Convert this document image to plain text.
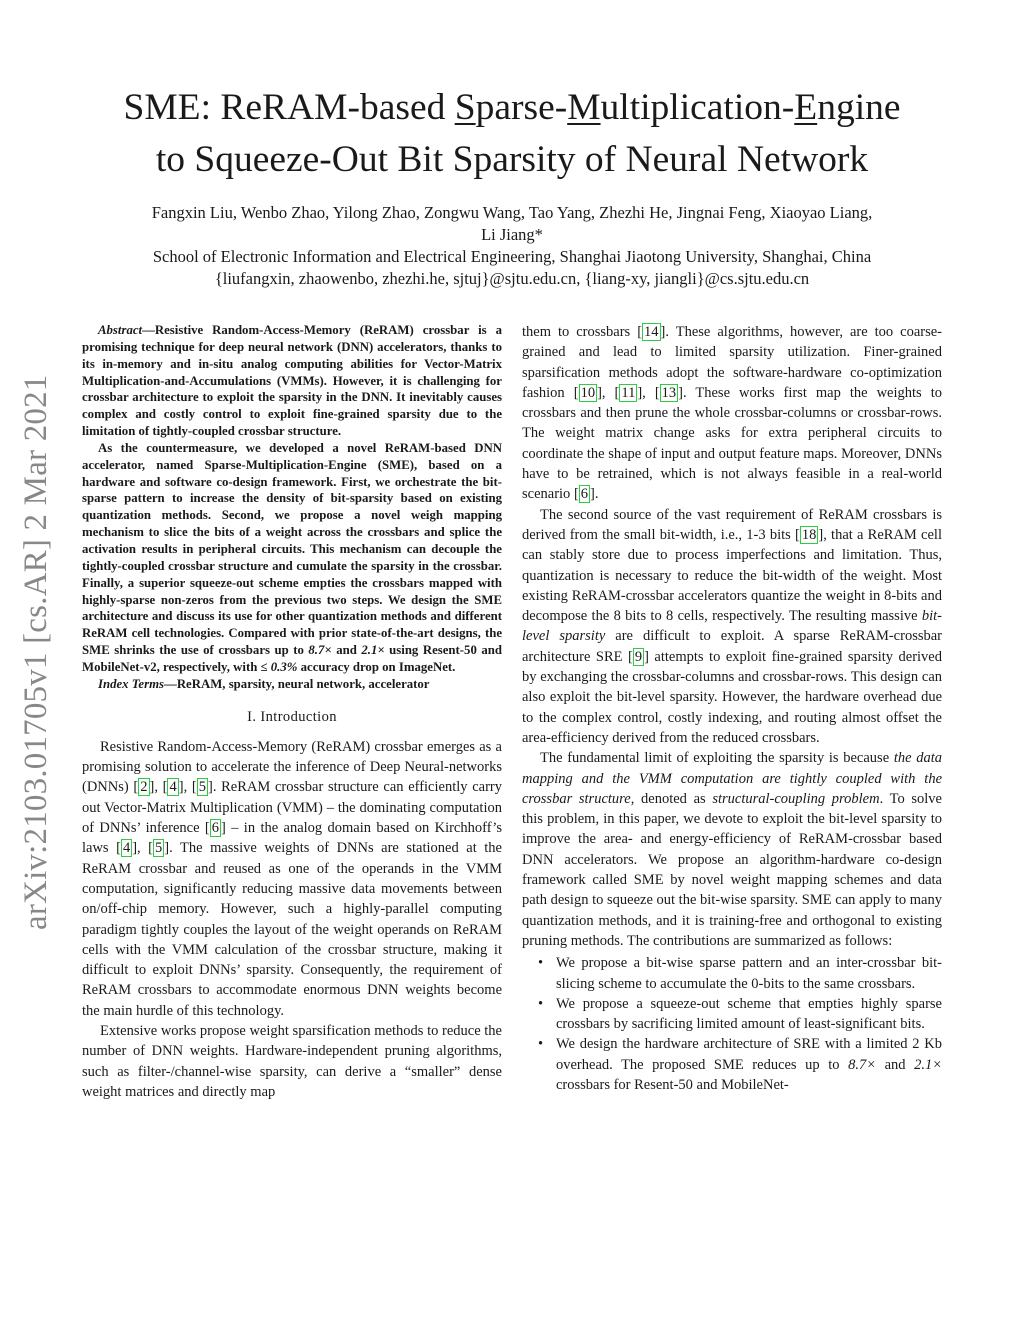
arXiv:2103.01705v1 [cs.AR] 2 Mar 2021
SME: ReRAM-based Sparse-Multiplication-Engine
to Squeeze-Out Bit Sparsity of Neural Network
Fangxin Liu, Wenbo Zhao, Yilong Zhao, Zongwu Wang, Tao Yang, Zhezhi He, Jingnai Feng, Xiaoyao Liang,
Li Jiang*
School of Electronic Information and Electrical Engineering, Shanghai Jiaotong University, Shanghai, China
{liufangxin, zhaowenbo, zhezhi.he, sjtuj}@sjtu.edu.cn, {liang-xy, jiangli}@cs.sjtu.edu.cn

Abstract—Resistive Random-Access-Memory (ReRAM) crossbar is a promising technique for deep neural network (DNN) accelerators, thanks to its in-memory and in-situ analog computing abilities for Vector-Matrix Multiplication-and-Accumulations (VMMs). However, it is challenging for crossbar architecture to exploit the sparsity in the DNN. It inevitably causes complex and costly control to exploit fine-grained sparsity due to the limitation of tightly-coupled crossbar structure.

As the countermeasure, we developed a novel ReRAM-based DNN accelerator, named Sparse-Multiplication-Engine (SME), based on a hardware and software co-design framework. First, we orchestrate the bit-sparse pattern to increase the density of bit-sparsity based on existing quantization methods. Second, we propose a novel weigh mapping mechanism to slice the bits of a weight across the crossbars and splice the activation results in peripheral circuits. This mechanism can decouple the tightly-coupled crossbar structure and cumulate the sparsity in the crossbar. Finally, a superior squeeze-out scheme empties the crossbars mapped with highly-sparse non-zeros from the previous two steps. We design the SME architecture and discuss its use for other quantization methods and different ReRAM cell technologies. Compared with prior state-of-the-art designs, the SME shrinks the use of crossbars up to 8.7× and 2.1× using Resent-50 and MobileNet-v2, respectively, with ≤ 0.3% accuracy drop on ImageNet.

Index Terms—ReRAM, sparsity, neural network, accelerator

I. Introduction

Resistive Random-Access-Memory (ReRAM) crossbar emerges as a promising solution to accelerate the inference of Deep Neural-networks (DNNs) [ 2 ], [ 4 ], [ 5 ]. ReRAM crossbar structure can efficiently carry out Vector-Matrix Multiplication (VMM) – the dominating computation of DNNs’ inference [ 6 ] – in the analog domain based on Kirchhoff’s laws [ 4 ], [ 5 ]. The massive weights of DNNs are stationed at the ReRAM crossbar and reused as one of the operands in the VMM computation, significantly reducing massive data movements between on/off-chip memory. However, such a highly-parallel computing paradigm tightly couples the layout of the weight operands on ReRAM cells with the VMM calculation of the crossbar structure, making it difficult to exploit DNNs’ sparsity. Consequently, the requirement of ReRAM crossbars to accommodate enormous DNN weights become the main hurdle of this technology.

Extensive works propose weight sparsification methods to reduce the number of DNN weights. Hardware-independent pruning algorithms, such as filter-/channel-wise sparsity, can derive a “smaller” dense weight matrices and directly map

them to crossbars [ 14 ]. These algorithms, however, are too coarse-grained and lead to limited sparsity utilization. Finer-grained sparsification methods adopt the software-hardware co-optimization fashion [ 10 ], [ 11 ], [ 13 ]. These works first map the weights to crossbars and then prune the whole crossbar-columns or crossbar-rows. The weight matrix change asks for extra peripheral circuits to coordinate the shape of input and output feature maps. Moreover, DNNs have to be retrained, which is not always feasible in a real-world scenario [ 6 ].

The second source of the vast requirement of ReRAM crossbars is derived from the small bit-width, i.e., 1-3 bits [ 18 ], that a ReRAM cell can stably store due to process imperfections and limitation. Thus, quantization is necessary to reduce the bit-width of the weight. Most existing ReRAM-crossbar accelerators quantize the weight in 8-bits and decompose the 8 bits to 8 cells, respectively. The resulting massive bit-level sparsity are difficult to exploit. A sparse ReRAM-crossbar architecture SRE [ 9 ] attempts to exploit fine-grained sparsity derived by exchanging the crossbar-columns and crossbar-rows. This design can also exploit the bit-level sparsity. However, the hardware overhead due to the complex control, costly indexing, and routing almost offset the area-efficiency derived from the reduced crossbars.

The fundamental limit of exploiting the sparsity is because the data mapping and the VMM computation are tightly coupled with the crossbar structure, denoted as structural-coupling problem. To solve this problem, in this paper, we devote to exploit the bit-level sparsity to improve the area- and energy-efficiency of ReRAM-crossbar based DNN accelerators. We propose an algorithm-hardware co-design framework called SME by novel weight mapping schemes and data path design to squeeze out the bit-wise sparsity. SME can apply to many quantization methods, and it is training-free and orthogonal to existing pruning methods. The contributions are summarized as follows:

• We propose a bit-wise sparse pattern and an inter-crossbar bit-slicing scheme to accumulate the 0-bits to the same crossbars.
• We propose a squeeze-out scheme that empties highly sparse crossbars by sacrificing limited amount of least-significant bits.
• We design the hardware architecture of SRE with a limited 2 Kb overhead. The proposed SME reduces up to 8.7× and 2.1× crossbars for Resent-50 and MobileNet-
